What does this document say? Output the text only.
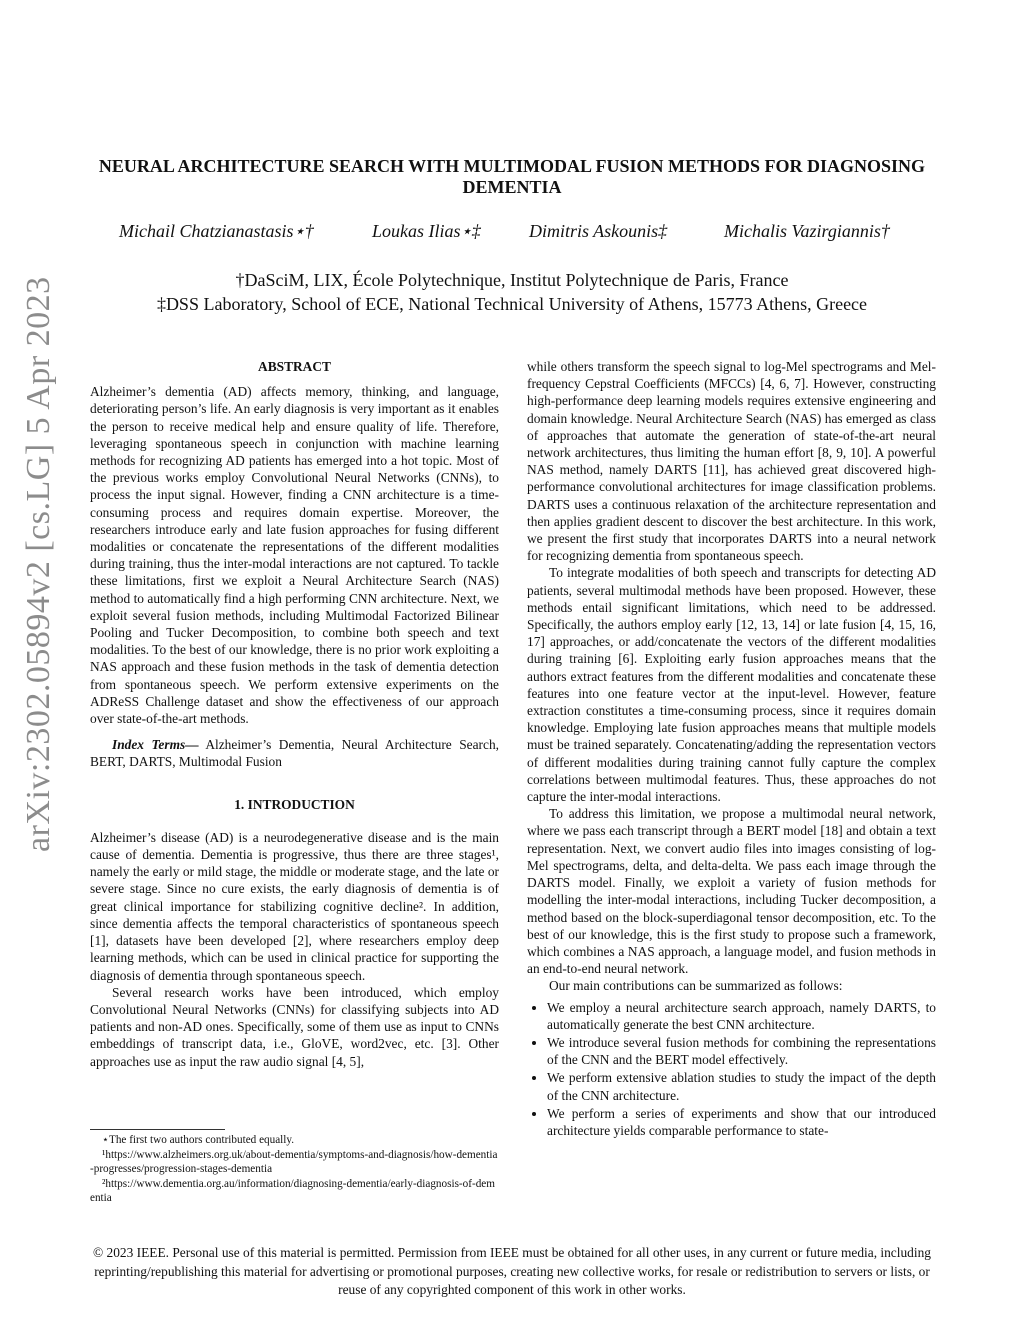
arXiv:2302.05894v2 [cs.LG] 5 Apr 2023
NEURAL ARCHITECTURE SEARCH WITH MULTIMODAL FUSION METHODS FOR DIAGNOSING DEMENTIA
Michail Chatzianastasis⋆†	Loukas Ilias⋆‡	Dimitris Askounis‡	Michalis Vazirgiannis†
†DaSciM, LIX, École Polytechnique, Institut Polytechnique de Paris, France
‡DSS Laboratory, School of ECE, National Technical University of Athens, 15773 Athens, Greece
ABSTRACT

Alzheimer’s dementia (AD) affects memory, thinking, and language, deteriorating person’s life. An early diagnosis is very important as it enables the person to receive medical help and ensure quality of life. Therefore, leveraging spontaneous speech in conjunction with machine learning methods for recognizing AD patients has emerged into a hot topic. Most of the previous works employ Convolutional Neural Networks (CNNs), to process the input signal. However, finding a CNN architecture is a time-consuming process and requires domain expertise. Moreover, the researchers introduce early and late fusion approaches for fusing different modalities or concatenate the representations of the different modalities during training, thus the inter-modal interactions are not captured. To tackle these limitations, first we exploit a Neural Architecture Search (NAS) method to automatically find a high performing CNN architecture. Next, we exploit several fusion methods, including Multimodal Factorized Bilinear Pooling and Tucker Decomposition, to combine both speech and text modalities. To the best of our knowledge, there is no prior work exploiting a NAS approach and these fusion methods in the task of dementia detection from spontaneous speech. We perform extensive experiments on the ADReSS Challenge dataset and show the effectiveness of our approach over state-of-the-art methods.

Index Terms— Alzheimer’s Dementia, Neural Architecture Search, BERT, DARTS, Multimodal Fusion

1. INTRODUCTION

Alzheimer’s disease (AD) is a neurodegenerative disease and is the main cause of dementia. Dementia is progressive, thus there are three stages¹, namely the early or mild stage, the middle or moderate stage, and the late or severe stage. Since no cure exists, the early diagnosis of dementia is of great clinical importance for stabilizing cognitive decline². In addition, since dementia affects the temporal characteristics of spontaneous speech [1], datasets have been developed [2], where researchers employ deep learning methods, which can be used in clinical practice for supporting the diagnosis of dementia through spontaneous speech.

Several research works have been introduced, which employ Convolutional Neural Networks (CNNs) for classifying subjects into AD patients and non-AD ones. Specifically, some of them use as input to CNNs embeddings of transcript data, i.e., GloVE, word2vec, etc. [3]. Other approaches use as input the raw audio signal [4, 5],

⋆The first two authors contributed equally.

¹https://www.alzheimers.org.uk/about-dementia/symptoms-and-diagnosis/how-dementia-progresses/progression-stages-dementia

²https://www.dementia.org.au/information/diagnosing-dementia/early-diagnosis-of-dementia

while others transform the speech signal to log-Mel spectrograms and Mel-frequency Cepstral Coefficients (MFCCs) [4, 6, 7]. However, constructing high-performance deep learning models requires extensive engineering and domain knowledge. Neural Architecture Search (NAS) has emerged as class of approaches that automate the generation of state-of-the-art neural network architectures, thus limiting the human effort [8, 9, 10]. A powerful NAS method, namely DARTS [11], has achieved great discovered high-performance convolutional architectures for image classification problems. DARTS uses a continuous relaxation of the architecture representation and then applies gradient descent to discover the best architecture. In this work, we present the first study that incorporates DARTS into a neural network for recognizing dementia from spontaneous speech.

To integrate modalities of both speech and transcripts for detecting AD patients, several multimodal methods have been proposed. However, these methods entail significant limitations, which need to be addressed. Specifically, the authors employ early [12, 13, 14] or late fusion [4, 15, 16, 17] approaches, or add/concatenate the vectors of the different modalities during training [6]. Exploiting early fusion approaches means that the authors extract features from the different modalities and concatenate these features into one feature vector at the input-level. However, feature extraction constitutes a time-consuming process, since it requires domain knowledge. Employing late fusion approaches means that multiple models must be trained separately. Concatenating/adding the representation vectors of different modalities during training cannot fully capture the complex correlations between multimodal features. Thus, these approaches do not capture the inter-modal interactions.

To address this limitation, we propose a multimodal neural network, where we pass each transcript through a BERT model [18] and obtain a text representation. Next, we convert audio files into images consisting of log-Mel spectrograms, delta, and delta-delta. We pass each image through the DARTS model. Finally, we exploit a variety of fusion methods for modelling the inter-modal interactions, including Tucker decomposition, a method based on the block-superdiagonal tensor decomposition, etc. To the best of our knowledge, this is the first study to propose such a framework, which combines a NAS approach, a language model, and fusion methods in an end-to-end neural network.

Our main contributions can be summarized as follows:

• We employ a neural architecture search approach, namely DARTS, to automatically generate the best CNN architecture.
• We introduce several fusion methods for combining the representations of the CNN and the BERT model effectively.
• We perform extensive ablation studies to study the impact of the depth of the CNN architecture.
• We perform a series of experiments and show that our introduced architecture yields comparable performance to state-
© 2023 IEEE. Personal use of this material is permitted. Permission from IEEE must be obtained for all other uses, in any current or future media, including reprinting/republishing this material for advertising or promotional purposes, creating new collective works, for resale or redistribution to servers or lists, or reuse of any copyrighted component of this work in other works.
